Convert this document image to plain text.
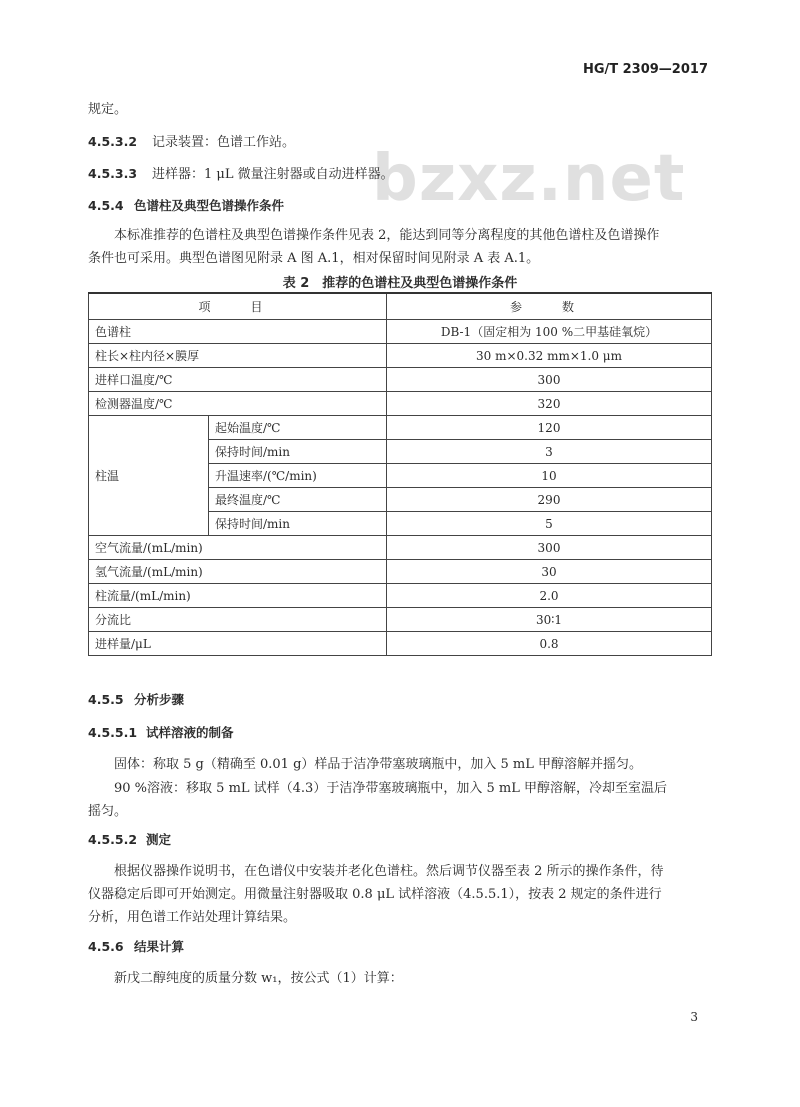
HG/T 2309—2017
bzxz.net
规定。
4.5.3.2 记录装置：色谱工作站。
4.5.3.3 进样器：1 μL 微量注射器或自动进样器。
4.5.4 色谱柱及典型色谱操作条件
本标准推荐的色谱柱及典型色谱操作条件见表 2，能达到同等分离程度的其他色谱柱及色谱操作
条件也可采用。典型色谱图见附录 A 图 A.1，相对保留时间见附录 A 表 A.1。
表 2　推荐的色谱柱及典型色谱操作条件
项　目		参　数
色谱柱		DB-1（固定相为 100 %二甲基硅氧烷）
柱长×柱内径×膜厚		30 m×0.32 mm×1.0 μm
进样口温度/℃		300
检测器温度/℃		320
柱温	起始温度/℃	120
	保持时间/min	3
	升温速率/(℃/min)	10
	最终温度/℃	290
	保持时间/min	5
空气流量/(mL/min)		300
氢气流量/(mL/min)		30
柱流量/(mL/min)		2.0
分流比		30∶1
进样量/μL		0.8
4.5.5 分析步骤
4.5.5.1 试样溶液的制备
固体：称取 5 g（精确至 0.01 g）样品于洁净带塞玻璃瓶中，加入 5 mL 甲醇溶解并摇匀。
90 %溶液：移取 5 mL 试样（4.3）于洁净带塞玻璃瓶中，加入 5 mL 甲醇溶解，冷却至室温后
摇匀。
4.5.5.2 测定
根据仪器操作说明书，在色谱仪中安装并老化色谱柱。然后调节仪器至表 2 所示的操作条件，待
仪器稳定后即可开始测定。用微量注射器吸取 0.8 μL 试样溶液（4.5.5.1），按表 2 规定的条件进行
分析，用色谱工作站处理计算结果。
4.5.6 结果计算
新戊二醇纯度的质量分数 w₁，按公式（1）计算：
3
